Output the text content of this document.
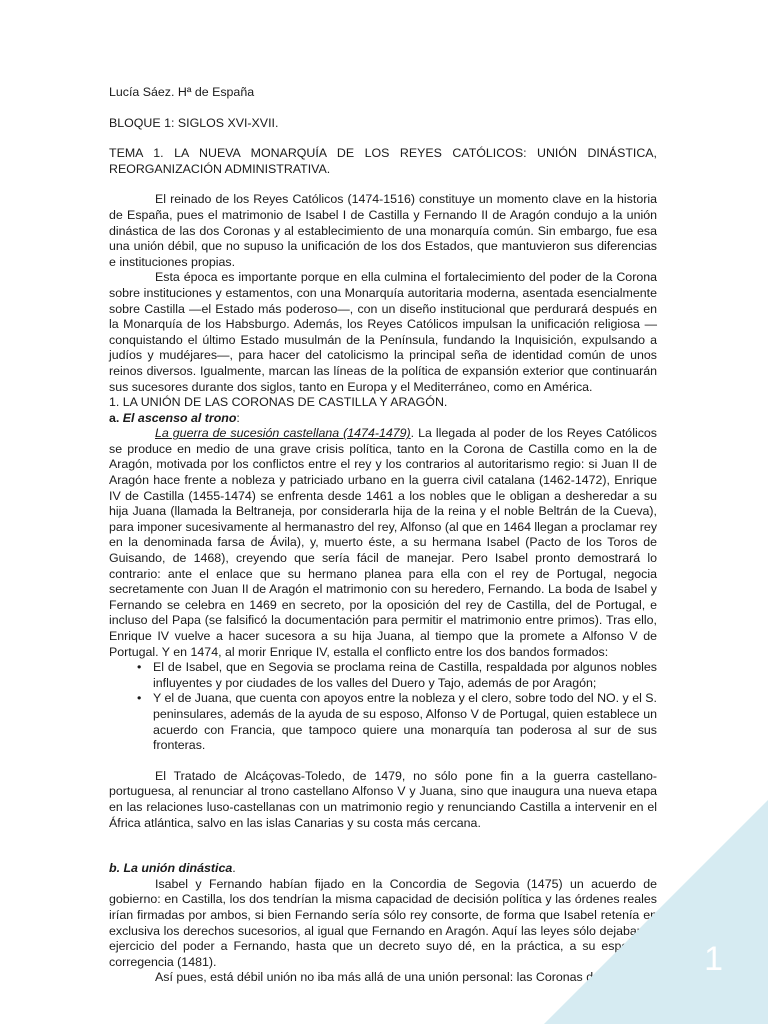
Lucía Sáez. Hª de España

BLOQUE 1: SIGLOS XVI-XVII.

TEMA 1. LA NUEVA MONARQUÍA DE LOS REYES CATÓLICOS: UNIÓN DINÁSTICA, REORGANIZACIÓN ADMINISTRATIVA.

El reinado de los Reyes Católicos (1474-1516) constituye un momento clave en la historia de España, pues el matrimonio de Isabel I de Castilla y Fernando II de Aragón condujo a la unión dinástica de las dos Coronas y al establecimiento de una monarquía común. Sin embargo, fue esa una unión débil, que no supuso la unificación de los dos Estados, que mantuvieron sus diferencias e instituciones propias.

Esta época es importante porque en ella culmina el fortalecimiento del poder de la Corona sobre instituciones y estamentos, con una Monarquía autoritaria moderna, asentada esencialmente sobre Castilla —el Estado más poderoso—, con un diseño institucional que perdurará después en la Monarquía de los Habsburgo. Además, los Reyes Católicos impulsan la unificación religiosa —conquistando el último Estado musulmán de la Península, fundando la Inquisición, expulsando a judíos y mudéjares—, para hacer del catolicismo la principal seña de identidad común de unos reinos diversos. Igualmente, marcan las líneas de la política de expansión exterior que continuarán sus sucesores durante dos siglos, tanto en Europa y el Mediterráneo, como en América.

1. LA UNIÓN DE LAS CORONAS DE CASTILLA Y ARAGÓN.

a. El ascenso al trono:

La guerra de sucesión castellana (1474-1479). La llegada al poder de los Reyes Católicos se produce en medio de una grave crisis política, tanto en la Corona de Castilla como en la de Aragón, motivada por los conflictos entre el rey y los contrarios al autoritarismo regio: si Juan II de Aragón hace frente a nobleza y patriciado urbano en la guerra civil catalana (1462-1472), Enrique IV de Castilla (1455-1474) se enfrenta desde 1461 a los nobles que le obligan a desheredar a su hija Juana (llamada la Beltraneja, por considerarla hija de la reina y el noble Beltrán de la Cueva), para imponer sucesivamente al hermanastro del rey, Alfonso (al que en 1464 llegan a proclamar rey en la denominada farsa de Ávila), y, muerto éste, a su hermana Isabel (Pacto de los Toros de Guisando, de 1468), creyendo que sería fácil de manejar. Pero Isabel pronto demostrará lo contrario: ante el enlace que su hermano planea para ella con el rey de Portugal, negocia secretamente con Juan II de Aragón el matrimonio con su heredero, Fernando. La boda de Isabel y Fernando se celebra en 1469 en secreto, por la oposición del rey de Castilla, del de Portugal, e incluso del Papa (se falsificó la documentación para permitir el matrimonio entre primos). Tras ello, Enrique IV vuelve a hacer sucesora a su hija Juana, al tiempo que la promete a Alfonso V de Portugal. Y en 1474, al morir Enrique IV, estalla el conflicto entre los dos bandos formados:

• El de Isabel, que en Segovia se proclama reina de Castilla, respaldada por algunos nobles influyentes y por ciudades de los valles del Duero y Tajo, además de por Aragón;
• Y el de Juana, que cuenta con apoyos entre la nobleza y el clero, sobre todo del NO. y el S. peninsulares, además de la ayuda de su esposo, Alfonso V de Portugal, quien establece un acuerdo con Francia, que tampoco quiere una monarquía tan poderosa al sur de sus fronteras.

El Tratado de Alcáçovas-Toledo, de 1479, no sólo pone fin a la guerra castellano-portuguesa, al renunciar al trono castellano Alfonso V y Juana, sino que inaugura una nueva etapa en las relaciones luso-castellanas con un matrimonio regio y renunciando Castilla a intervenir en el África atlántica, salvo en las islas Canarias y su costa más cercana.

b. La unión dinástica.

Isabel y Fernando habían fijado en la Concordia de Segovia (1475) un acuerdo de gobierno: en Castilla, los dos tendrían la misma capacidad de decisión política y las órdenes reales irían firmadas por ambos, si bien Fernando sería sólo rey consorte, de forma que Isabel retenía en exclusiva los derechos sucesorios, al igual que Fernando en Aragón. Aquí las leyes sólo dejaban el ejercicio del poder a Fernando, hasta que un decreto suyo dé, en la práctica, a su esposa la corregencia (1481).

Así pues, está débil unión no iba más allá de una unión personal: las Coronas de Aragón	1
